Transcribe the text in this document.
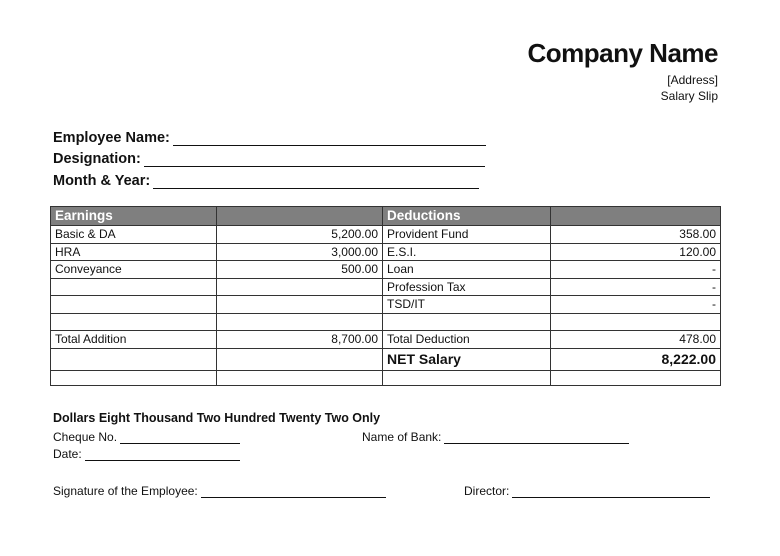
Company Name
[Address]
Salary Slip
Employee Name:
Designation:
Month & Year:
Earnings		Deductions	
Basic & DA	5,200.00	Provident Fund	358.00
HRA	3,000.00	E.S.I.	120.00
Conveyance	500.00	Loan	-
		Profession Tax	-
		TSD/IT	-

Total Addition	8,700.00	Total Deduction	478.00
		NET Salary	8,222.00

Dollars Eight Thousand Two Hundred Twenty Two Only
Cheque No.	Name of Bank:
Date:
Signature of the Employee:	Director:
